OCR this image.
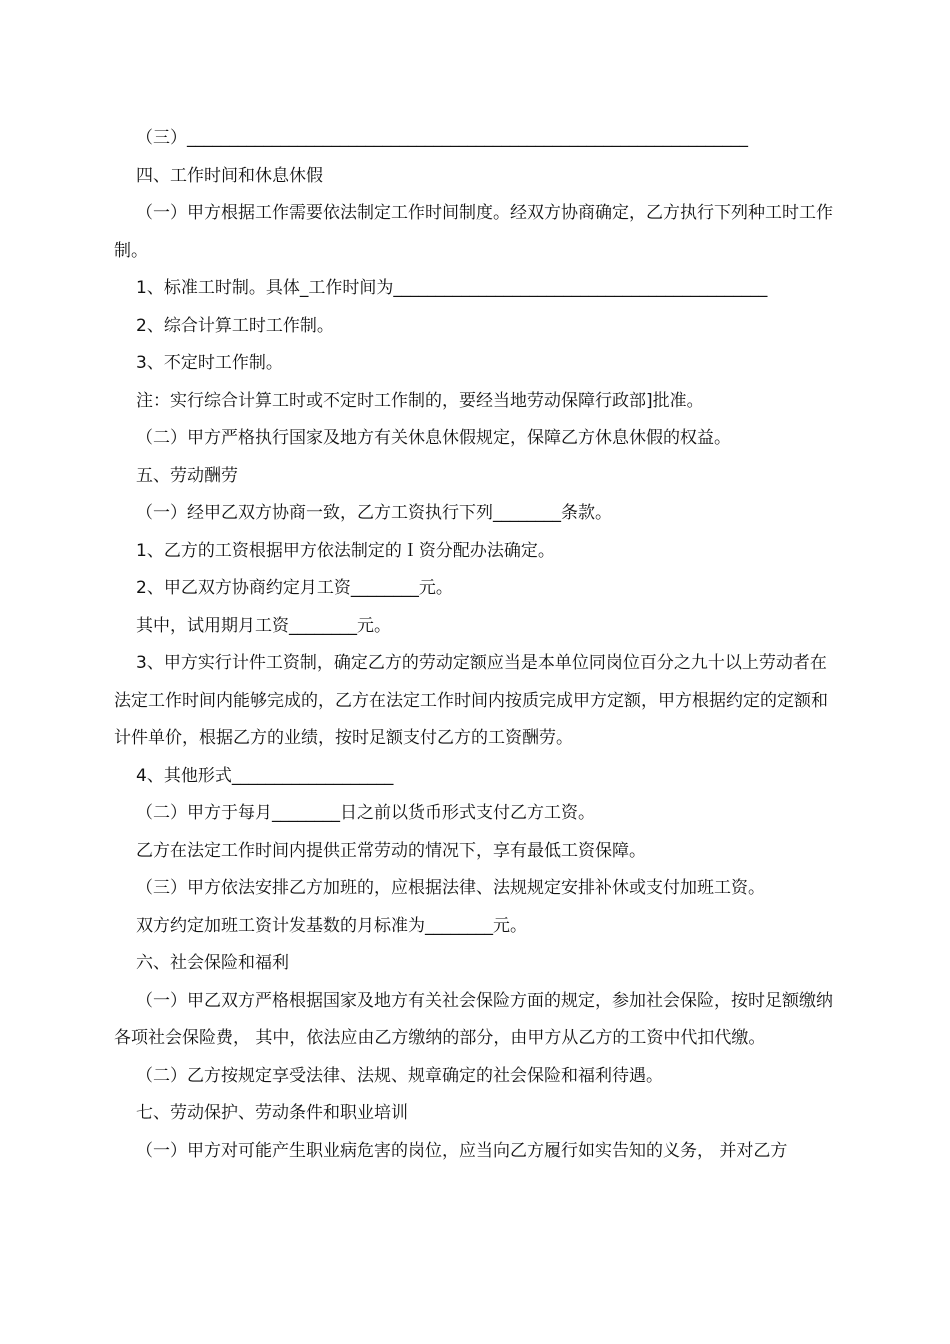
（三）__________________________________________________________________

四、工作时间和休息休假

（一）甲方根据工作需要依法制定工作时间制度。经双方协商确定，乙方执行下列种工时工作制。

1、标准工时制。具体_工作时间为____________________________________________

2、综合计算工时工作制。

3、不定时工作制。

注：实行综合计算工时或不定时工作制的，要经当地劳动保障行政部]批准。

（二）甲方严格执行国家及地方有关休息休假规定，保障乙方休息休假的权益。

五、劳动酬劳

（一）经甲乙双方协商一致，乙方工资执行下列________条款。

1、乙方的工资根据甲方依法制定的Ｉ资分配办法确定。

2、甲乙双方协商约定月工资________元。

其中，试用期月工资________元。

3、甲方实行计件工资制，确定乙方的劳动定额应当是本单位同岗位百分之九十以上劳动者在法定工作时间内能够完成的，乙方在法定工作时间内按质完成甲方定额，甲方根据约定的定额和计件单价，根据乙方的业绩，按时足额支付乙方的工资酬劳。

4、其他形式___________________

（二）甲方于每月________日之前以货币形式支付乙方工资。

乙方在法定工作时间内提供正常劳动的情况下，享有最低工资保障。

（三）甲方依法安排乙方加班的，应根据法律、法规规定安排补休或支付加班工资。

双方约定加班工资计发基数的月标准为________元。

六、社会保险和福利

（一）甲乙双方严格根据国家及地方有关社会保险方面的规定，参加社会保险，按时足额缴纳各项社会保险费， 其中，依法应由乙方缴纳的部分，由甲方从乙方的工资中代扣代缴。

（二）乙方按规定享受法律、法规、规章确定的社会保险和福利待遇。

七、劳动保护、劳动条件和职业培训

（一）甲方对可能产生职业病危害的岗位，应当向乙方履行如实告知的义务， 并对乙方
